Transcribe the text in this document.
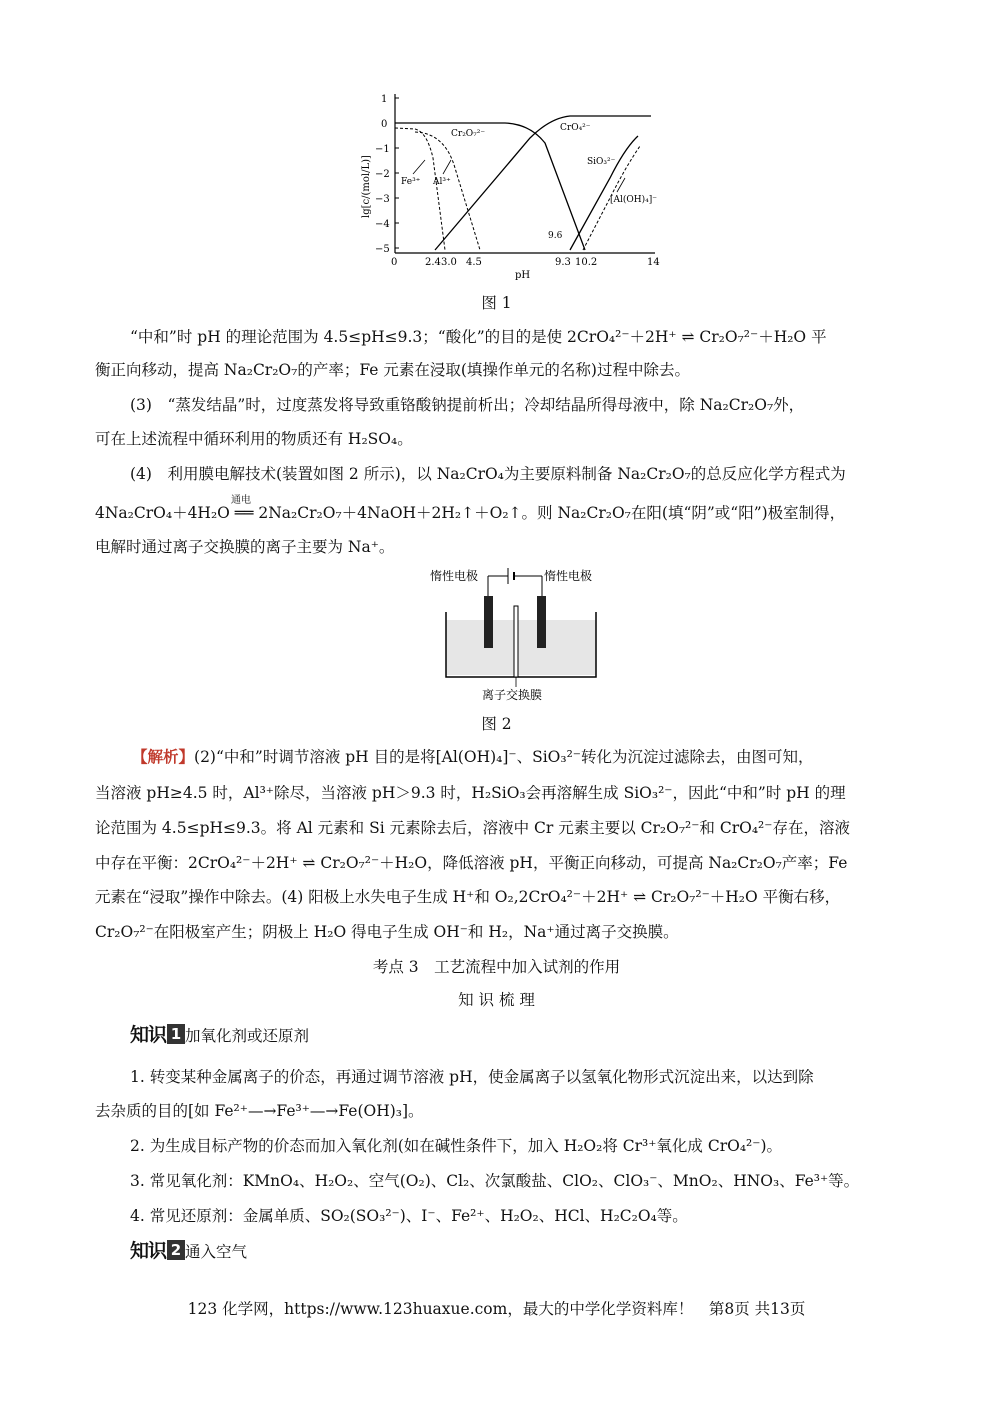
1
0
−1
−2
−3
−4
−5
lg[c/(mol/L)]
0	2.4 3.0 4.5	9.3 10.2	14
pH
Cr₂O₇²⁻
CrO₄²⁻
SiO₃²⁻
[Al(OH)₄]⁻
Fe³⁺ Al³⁺
9.6
图 1
“中和”时 pH 的理论范围为 4.5≤pH≤9.3；“酸化”的目的是使 2CrO₄²⁻＋2H⁺ ⇌ Cr₂O₇²⁻＋H₂O 平
衡正向移动，提高 Na₂Cr₂O₇的产率；Fe 元素在浸取(填操作单元的名称)过程中除去。
(3)　“蒸发结晶”时，过度蒸发将导致重铬酸钠提前析出；冷却结晶所得母液中，除 Na₂Cr₂O₇外，
可在上述流程中循环利用的物质还有 H₂SO₄。
(4)　利用膜电解技术(装置如图 2 所示)，以 Na₂CrO₄为主要原料制备 Na₂Cr₂O₇的总反应化学方程式为
通电
4Na₂CrO₄＋4H₂O ══ 2Na₂Cr₂O₇＋4NaOH＋2H₂↑＋O₂↑。则 Na₂Cr₂O₇在阳(填“阴”或“阳”)极室制得，
电解时通过离子交换膜的离子主要为 Na⁺。
惰性电极	惰性电极
离子交换膜
图 2
【解析】(2)“中和”时调节溶液 pH 目的是将[Al(OH)₄]⁻、SiO₃²⁻转化为沉淀过滤除去，由图可知，
当溶液 pH≥4.5 时，Al³⁺除尽，当溶液 pH＞9.3 时，H₂SiO₃会再溶解生成 SiO₃²⁻，因此“中和”时 pH 的理
论范围为 4.5≤pH≤9.3。将 Al 元素和 Si 元素除去后，溶液中 Cr 元素主要以 Cr₂O₇²⁻和 CrO₄²⁻存在，溶液
中存在平衡：2CrO₄²⁻＋2H⁺ ⇌ Cr₂O₇²⁻＋H₂O，降低溶液 pH，平衡正向移动，可提高 Na₂Cr₂O₇产率；Fe
元素在“浸取”操作中除去。(4) 阳极上水失电子生成 H⁺和 O₂,2CrO₄²⁻＋2H⁺ ⇌ Cr₂O₇²⁻＋H₂O 平衡右移，
Cr₂O₇²⁻在阳极室产生；阴极上 H₂O 得电子生成 OH⁻和 H₂，Na⁺通过离子交换膜。
考点 3　工艺流程中加入试剂的作用
知 识 梳 理
知识 1 加氧化剂或还原剂
1. 转变某种金属离子的价态，再通过调节溶液 pH，使金属离子以氢氧化物形式沉淀出来，以达到除
去杂质的目的[如 Fe²⁺—→Fe³⁺—→Fe(OH)₃]。
2. 为生成目标产物的价态而加入氧化剂(如在碱性条件下，加入 H₂O₂将 Cr³⁺氧化成 CrO₄²⁻)。
3. 常见氧化剂：KMnO₄、H₂O₂、空气(O₂)、Cl₂、次氯酸盐、ClO₂、ClO₃⁻、MnO₂、HNO₃、Fe³⁺等。
4. 常见还原剂：金属单质、SO₂(SO₃²⁻)、I⁻、Fe²⁺、H₂O₂、HCl、H₂C₂O₄等。
知识 2 通入空气
123 化学网，https://www.123huaxue.com，最大的中学化学资料库！　第8页 共13页
